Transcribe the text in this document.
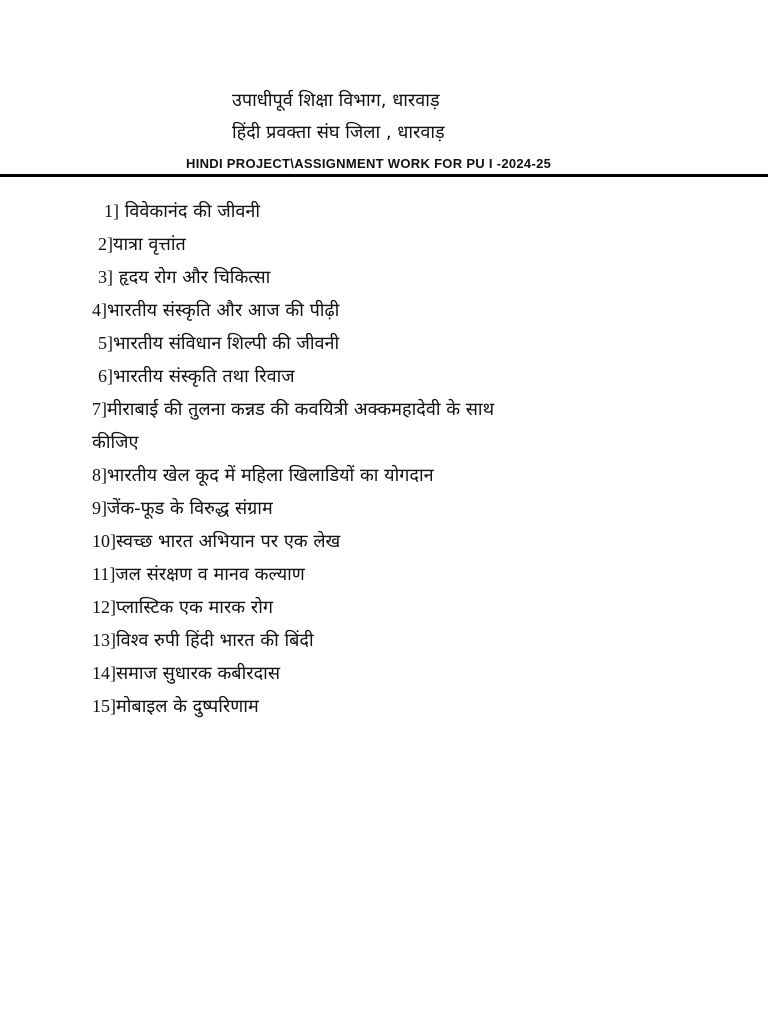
उपाधीपूर्व शिक्षा विभाग, धारवाड़
हिंदी प्रवक्ता संघ जिला , धारवाड़
HINDI PROJECT\ASSIGNMENT WORK FOR PU I -2024-25
1] विवेकानंद की जीवनी
2]यात्रा वृत्तांत
3] हृदय रोग और चिकित्सा
4]भारतीय संस्कृति और आज की पीढ़ी
5]भारतीय संविधान शिल्पी की जीवनी
6]भारतीय संस्कृति तथा रिवाज
7]मीराबाई की तुलना कन्नड की कवयित्री अक्कमहादेवी के साथ
कीजिए
8]भारतीय खेल कूद में महिला खिलाडियों का योगदान
9]जेंक-फूड के विरुद्ध संग्राम
10]स्वच्छ भारत अभियान पर एक लेख
11]जल संरक्षण व मानव कल्याण
12]प्लास्टिक एक मारक रोग
13]विश्व रुपी हिंदी भारत की बिंदी
14]समाज सुधारक कबीरदास
15]मोबाइल के दुष्परिणाम
